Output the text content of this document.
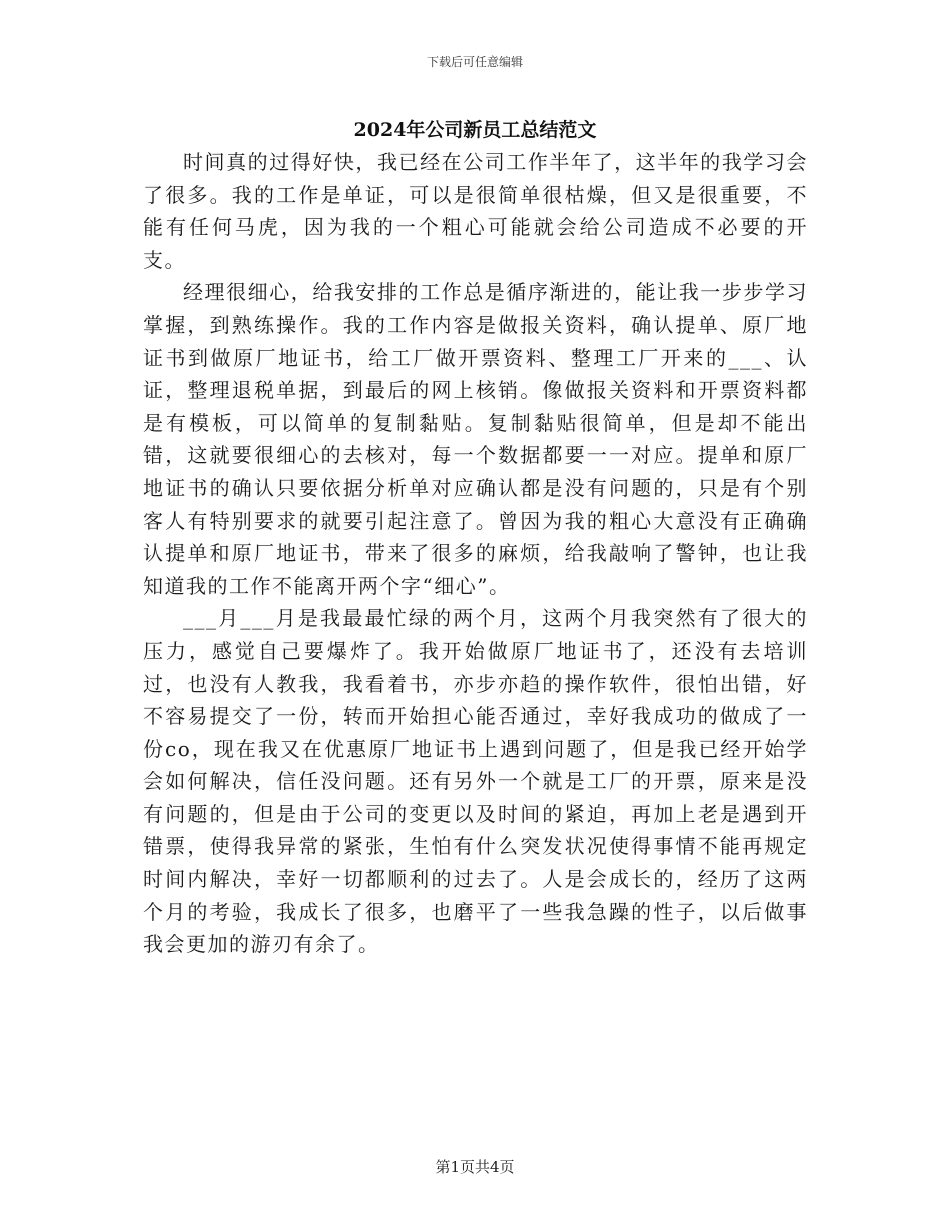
下载后可任意编辑
2024年公司新员工总结范文

时间真的过得好快，我已经在公司工作半年了，这半年的我学习会了很多。我的工作是单证，可以是很简单很枯燥，但又是很重要，不能有任何马虎，因为我的一个粗心可能就会给公司造成不必要的开支。

经理很细心，给我安排的工作总是循序渐进的，能让我一步步学习掌握，到熟练操作。我的工作内容是做报关资料，确认提单、原厂地证书到做原厂地证书，给工厂做开票资料、整理工厂开来的___、认证，整理退税单据，到最后的网上核销。像做报关资料和开票资料都是有模板，可以简单的复制黏贴。复制黏贴很简单，但是却不能出错，这就要很细心的去核对，每一个数据都要一一对应。提单和原厂地证书的确认只要依据分析单对应确认都是没有问题的，只是有个别客人有特别要求的就要引起注意了。曾因为我的粗心大意没有正确确认提单和原厂地证书，带来了很多的麻烦，给我敲响了警钟，也让我知道我的工作不能离开两个字“细心”。

___月___月是我最最忙绿的两个月，这两个月我突然有了很大的压力，感觉自己要爆炸了。我开始做原厂地证书了，还没有去培训过，也没有人教我，我看着书，亦步亦趋的操作软件，很怕出错，好不容易提交了一份，转而开始担心能否通过，幸好我成功的做成了一份co，现在我又在优惠原厂地证书上遇到问题了，但是我已经开始学会如何解决，信任没问题。还有另外一个就是工厂的开票，原来是没有问题的，但是由于公司的变更以及时间的紧迫，再加上老是遇到开错票，使得我异常的紧张，生怕有什么突发状况使得事情不能再规定时间内解决，幸好一切都顺利的过去了。人是会成长的，经历了这两个月的考验，我成长了很多，也磨平了一些我急躁的性子，以后做事我会更加的游刃有余了。

第1页共4页
